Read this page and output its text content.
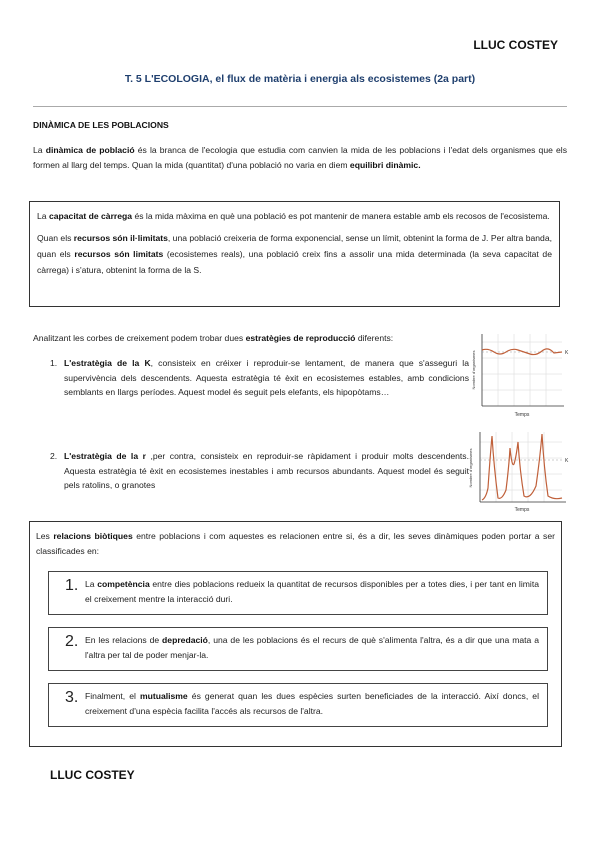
LLUC COSTEY
T. 5 L'ECOLOGIA, el flux de matèria i energia als ecosistemes (2a part)
DINÀMICA DE LES POBLACIONS
La dinàmica de població és la branca de l'ecologia que estudia com canvien la mida de les poblacions i l'edat dels organismes que els formen al llarg del temps. Quan la mida (quantitat) d'una població no varia en diem equilibri dinàmic.
La capacitat de càrrega és la mida màxima en què una població es pot mantenir de manera estable amb els recosos de l'ecosistema.
Quan els recursos són il·limitats, una població creixeria de forma exponencial, sense un límit, obtenint la forma de J. Per altra banda, quan els recursos són limitats (ecosistemes reals), una població creix fins a assolir una mida determinada (la seva capacitat de càrrega) i s'atura, obtenint la forma de la S.
Analitzant les corbes de creixement podem trobar dues estratègies de reproducció diferents:
1. L'estratègia de la K, consisteix en créixer i reproduir-se lentament, de manera que s'asseguri la supervivència dels descendents. Aquesta estratègia té èxit en ecosistemes estables, amb condicions semblants en llargs períodes. Aquest model és seguit pels elefants, els hipopòtams…
2. L'estratègia de la r ,per contra, consisteix en reproduir-se ràpidament i produir molts descendents. Aquesta estratègia té èxit en ecosistemes inestables i amb recursos abundants. Aquest model és seguit pels ratolins, o granotes
K
Temps
Nombre d'organismes
K
Temps
Nombre d'organismes
Les relacions biòtiques entre poblacions i com aquestes es relacionen entre si, és a dir, les seves dinàmiques poden portar a ser classificades en:
1. La competència entre dies poblacions redueix la quantitat de recursos disponibles per a totes dies, i per tant en limita el creixement mentre la interacció duri.
2. En les relacions de depredació, una de les poblacions és el recurs de què s'alimenta l'altra, és a dir que una mata a l'altra per tal de poder menjar-la.
3. Finalment, el mutualisme és generat quan les dues espècies surten beneficiades de la interacció. Així doncs, el creixement d'una espècia facilita l'accés als recursos de l'altra.
LLUC COSTEY
